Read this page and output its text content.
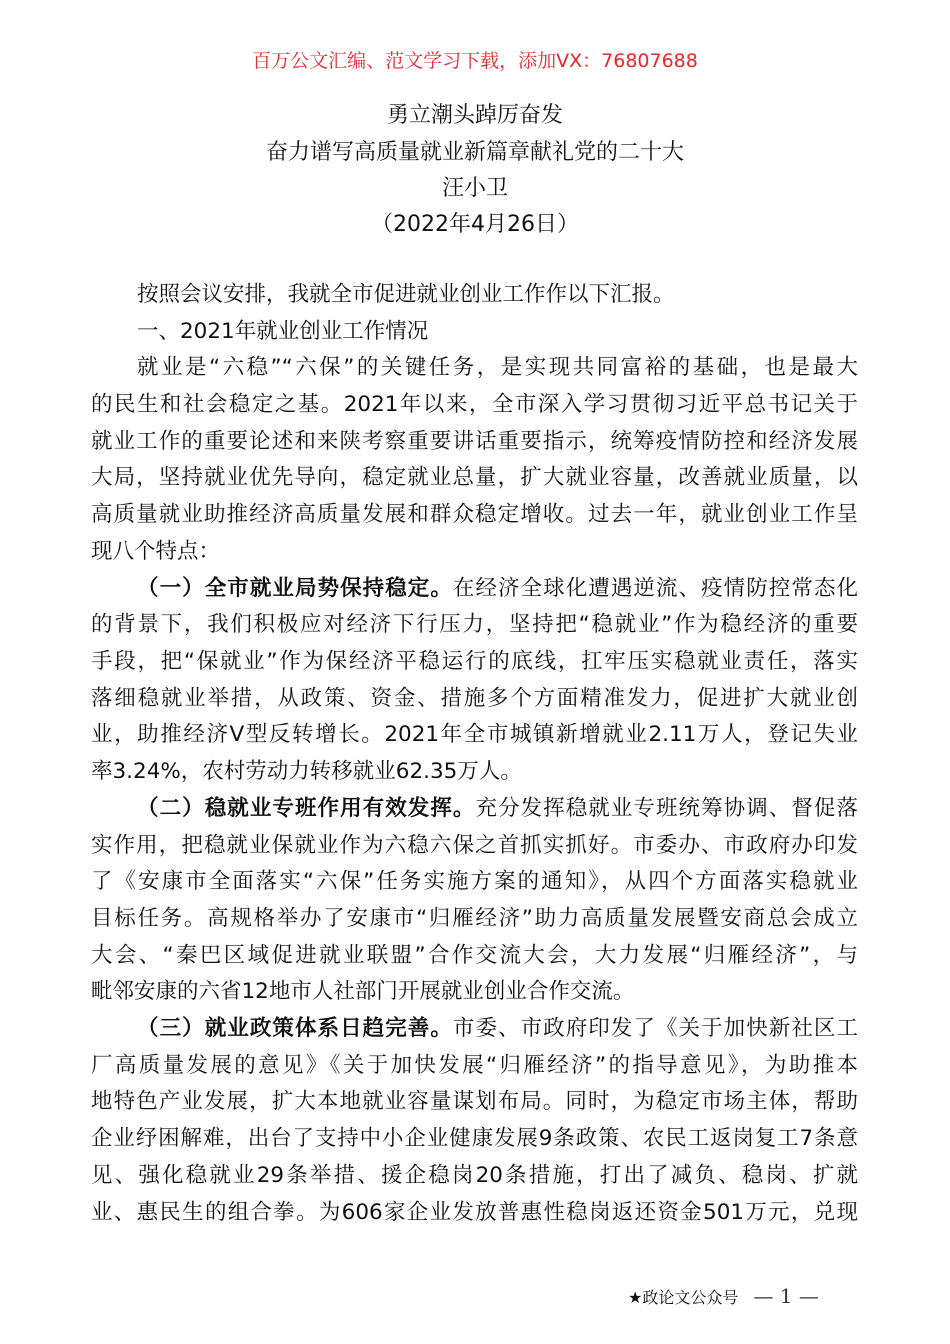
百万公文汇编、范文学习下载，添加VX：76807688
勇立潮头踔厉奋发
奋力谱写高质量就业新篇章献礼党的二十大
汪小卫
（2022年4月26日）
按照会议安排，我就全市促进就业创业工作作以下汇报。
一、2021年就业创业工作情况
就业是“六稳”“六保”的关键任务，是实现共同富裕的基础，也是最大
的民生和社会稳定之基。2021年以来，全市深入学习贯彻习近平总书记关于
就业工作的重要论述和来陕考察重要讲话重要指示，统筹疫情防控和经济发展
大局，坚持就业优先导向，稳定就业总量，扩大就业容量，改善就业质量，以
高质量就业助推经济高质量发展和群众稳定增收。过去一年，就业创业工作呈
现八个特点：
（一）全市就业局势保持稳定。在经济全球化遭遇逆流、疫情防控常态化
的背景下，我们积极应对经济下行压力，坚持把“稳就业”作为稳经济的重要
手段，把“保就业”作为保经济平稳运行的底线，扛牢压实稳就业责任，落实
落细稳就业举措，从政策、资金、措施多个方面精准发力，促进扩大就业创
业，助推经济V型反转增长。2021年全市城镇新增就业2.11万人，登记失业
率3.24%，农村劳动力转移就业62.35万人。
（二）稳就业专班作用有效发挥。充分发挥稳就业专班统筹协调、督促落
实作用，把稳就业保就业作为六稳六保之首抓实抓好。市委办、市政府办印发
了《安康市全面落实“六保”任务实施方案的通知》，从四个方面落实稳就业
目标任务。高规格举办了安康市“归雁经济”助力高质量发展暨安商总会成立
大会、“秦巴区域促进就业联盟”合作交流大会，大力发展“归雁经济”，与
毗邻安康的六省12地市人社部门开展就业创业合作交流。
（三）就业政策体系日趋完善。市委、市政府印发了《关于加快新社区工
厂高质量发展的意见》《关于加快发展“归雁经济”的指导意见》，为助推本
地特色产业发展，扩大本地就业容量谋划布局。同时，为稳定市场主体，帮助
企业纾困解难，出台了支持中小企业健康发展9条政策、农民工返岗复工7条意
见、强化稳就业29条举措、援企稳岗20条措施，打出了减负、稳岗、扩就
业、惠民生的组合拳。为606家企业发放普惠性稳岗返还资金501万元，兑现
★政论文公众号 — 1 —
